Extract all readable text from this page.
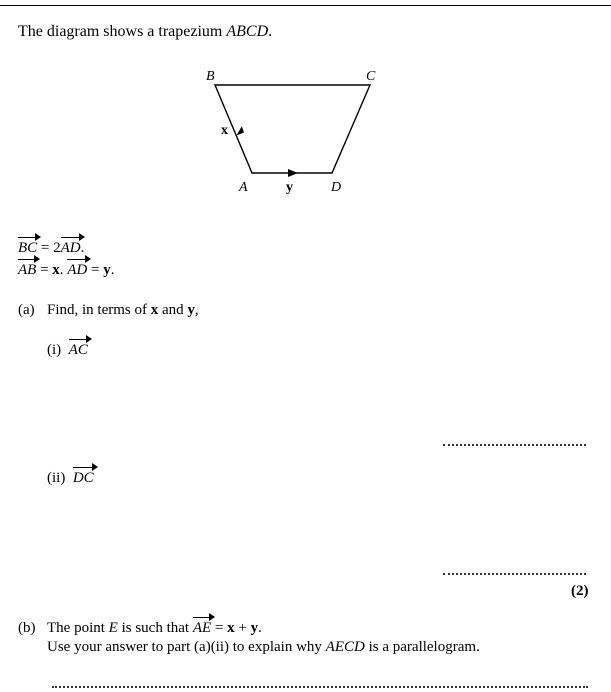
The diagram shows a trapezium ABCD.
B	C
A	D
x
y
BC = 2AD.
AB = x. AD = y.
(a) Find, in terms of x and y,
(i) AC
(ii) DC
(2)
(b) The point E is such that AE = x + y.
Use your answer to part (a)(ii) to explain why AECD is a parallelogram.
